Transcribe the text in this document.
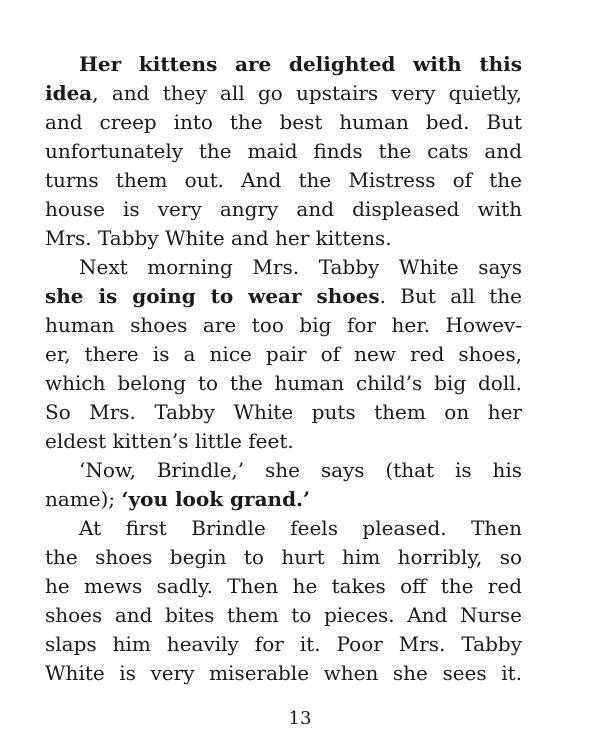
Her kittens are delighted with this
idea, and they all go upstairs very quietly,
and creep into the best human bed. But
unfortunately the maid finds the cats and
turns them out. And the Mistress of the
house is very angry and displeased with
Mrs. Tabby White and her kittens.
Next morning Mrs. Tabby White says
she is going to wear shoes. But all the
human shoes are too big for her. Howev-
er, there is a nice pair of new red shoes,
which belong to the human child’s big doll.
So Mrs. Tabby White puts them on her
eldest kitten’s little feet.
‘Now, Brindle,’ she says (that is his
name); ‘you look grand.’
At first Brindle feels pleased. Then
the shoes begin to hurt him horribly, so
he mews sadly. Then he takes off the red
shoes and bites them to pieces. And Nurse
slaps him heavily for it. Poor Mrs. Tabby
White is very miserable when she sees it.
13
